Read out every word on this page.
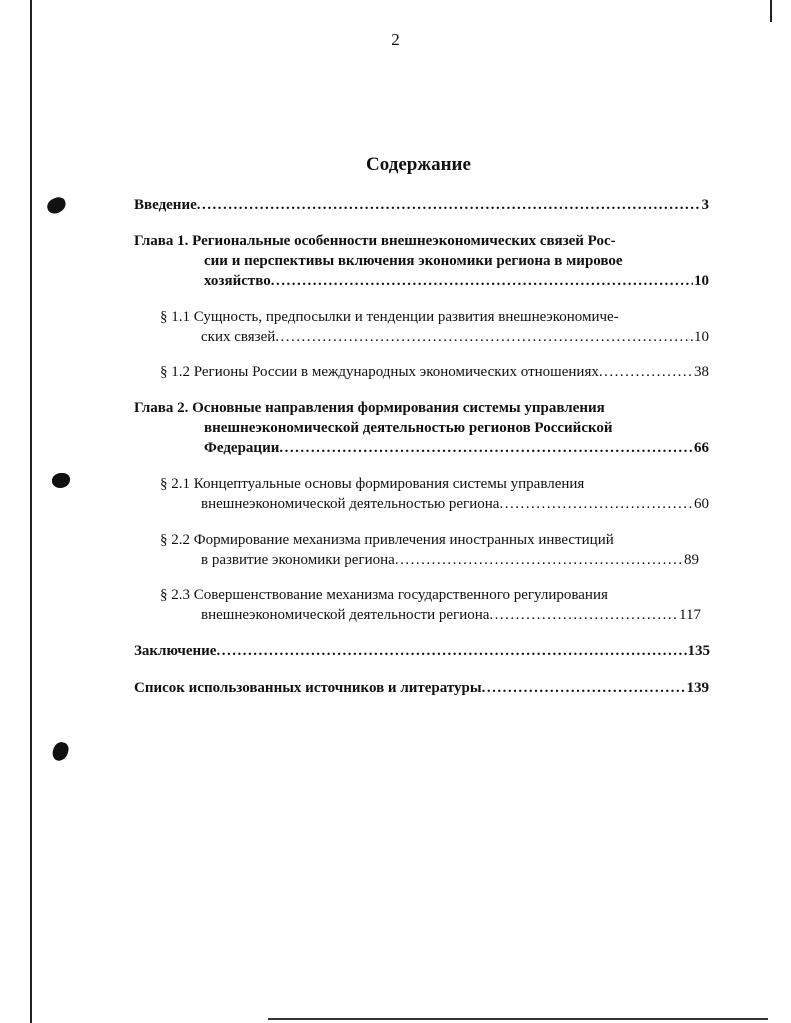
2
Содержание
Введение .....	3
Глава 1. Региональные особенности внешнеэкономических связей Рос-
сии и перспективы включения экономики региона в мировое
хозяйство .....	10
§ 1.1 Сущность, предпосылки и тенденции развития внешнеэкономиче-
ских связей .....	10
§ 1.2 Регионы России в международных экономических отношениях .....	38
Глава 2. Основные направления формирования системы управления
внешнеэкономической деятельностью регионов Российской
Федерации .....	66
§ 2.1 Концептуальные основы формирования системы управления
внешнеэкономической деятельностью региона .....	60
§ 2.2 Формирование механизма привлечения иностранных инвестиций
в развитие экономики региона .....	89
§ 2.3 Совершенствование механизма государственного регулирования
внешнеэкономической деятельности региона .....	117
Заключение .....	135
Список использованных источников и литературы .....	139
